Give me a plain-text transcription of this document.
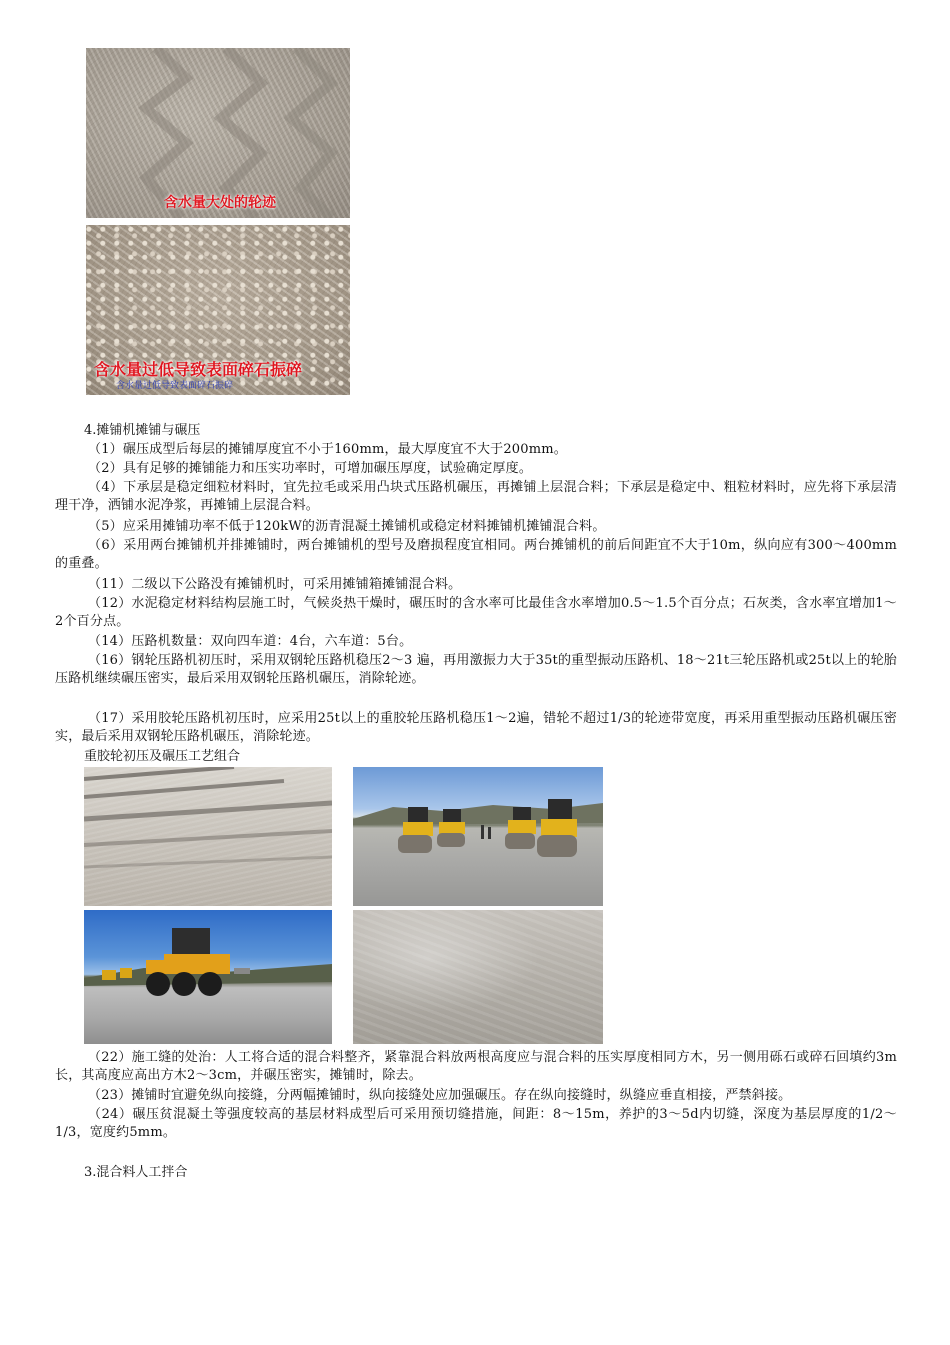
含水量大处的轮迹
含水量过低导致表面碎石振碎
含水量过低导致表面碎石振碎
4.摊铺机摊铺与碾压

（1）碾压成型后每层的摊铺厚度宜不小于160mm，最大厚度宜不大于200mm。

（2）具有足够的摊铺能力和压实功率时，可增加碾压厚度，试验确定厚度。

（4）下承层是稳定细粒材料时，宜先拉毛或采用凸块式压路机碾压，再摊铺上层混合料；下承层是稳定中、粗粒材料时，应先将下承层清理干净，洒铺水泥净浆，再摊铺上层混合料。

（5）应采用摊铺功率不低于120kW的沥青混凝土摊铺机或稳定材料摊铺机摊铺混合料。

（6）采用两台摊铺机并排摊铺时，两台摊铺机的型号及磨损程度宜相同。两台摊铺机的前后间距宜不大于10m，纵向应有300～400mm的重叠。

（11）二级以下公路没有摊铺机时，可采用摊铺箱摊铺混合料。

（12）水泥稳定材料结构层施工时，气候炎热干燥时，碾压时的含水率可比最佳含水率增加0.5～1.5个百分点；石灰类，含水率宜增加1～2个百分点。

（14）压路机数量：双向四车道：4台，六车道：5台。

（16）钢轮压路机初压时，采用双钢轮压路机稳压2～3 遍，再用激振力大于35t的重型振动压路机、18～21t三轮压路机或25t以上的轮胎压路机继续碾压密实，最后采用双钢轮压路机碾压，消除轮迹。

（17）采用胶轮压路机初压时，应采用25t以上的重胶轮压路机稳压1～2遍，错轮不超过1/3的轮迹带宽度，再采用重型振动压路机碾压密实，最后采用双钢轮压路机碾压，消除轮迹。

重胶轮初压及碾压工艺组合

（22）施工缝的处治：人工将合适的混合料整齐，紧靠混合料放两根高度应与混合料的压实厚度相同方木，另一侧用砾石或碎石回填约3m长，其高度应高出方木2～3cm，并碾压密实，摊铺时，除去。

（23）摊铺时宜避免纵向接缝，分两幅摊铺时，纵向接缝处应加强碾压。存在纵向接缝时，纵缝应垂直相接，严禁斜接。

（24）碾压贫混凝土等强度较高的基层材料成型后可采用预切缝措施，间距：8～15m，养护的3～5d内切缝，深度为基层厚度的1/2～1/3，宽度约5mm。

3.混合料人工拌合
